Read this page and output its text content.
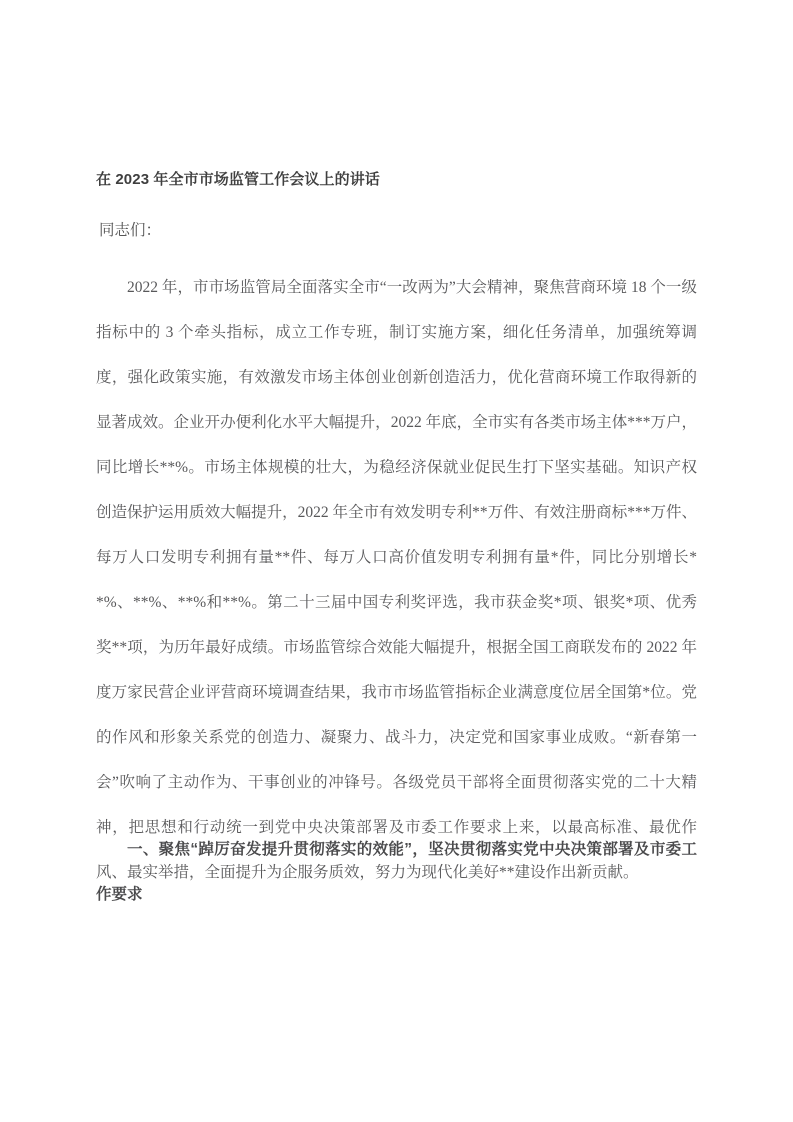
在 2023 年全市市场监管工作会议上的讲话

同志们：

2022 年，市市场监管局全面落实全市“一改两为”大会精神，聚焦营商环境 18 个一级指标中的 3 个牵头指标，成立工作专班，制订实施方案，细化任务清单，加强统筹调度，强化政策实施，有效激发市场主体创业创新创造活力，优化营商环境工作取得新的显著成效。企业开办便利化水平大幅提升，2022 年底，全市实有各类市场主体***万户，同比增长**%。市场主体规模的壮大，为稳经济保就业促民生打下坚实基础。知识产权创造保护运用质效大幅提升，2022 年全市有效发明专利**万件、有效注册商标***万件、每万人口发明专利拥有量**件、每万人口高价值发明专利拥有量*件，同比分别增长**%、**%、**%和**%。第二十三届中国专利奖评选，我市获金奖*项、银奖*项、优秀奖**项，为历年最好成绩。市场监管综合效能大幅提升，根据全国工商联发布的 2022 年度万家民营企业评营商环境调查结果，我市市场监管指标企业满意度位居全国第*位。党的作风和形象关系党的创造力、凝聚力、战斗力，决定党和国家事业成败。“新春第一会”吹响了主动作为、干事创业的冲锋号。各级党员干部将全面贯彻落实党的二十大精神，把思想和行动统一到党中央决策部署及市委工作要求上来，以最高标准、最优作风、最实举措，全面提升为企服务质效，努力为现代化美好**建设作出新贡献。

一、聚焦“踔厉奋发提升贯彻落实的效能”，坚决贯彻落实党中央决策部署及市委工作要求
